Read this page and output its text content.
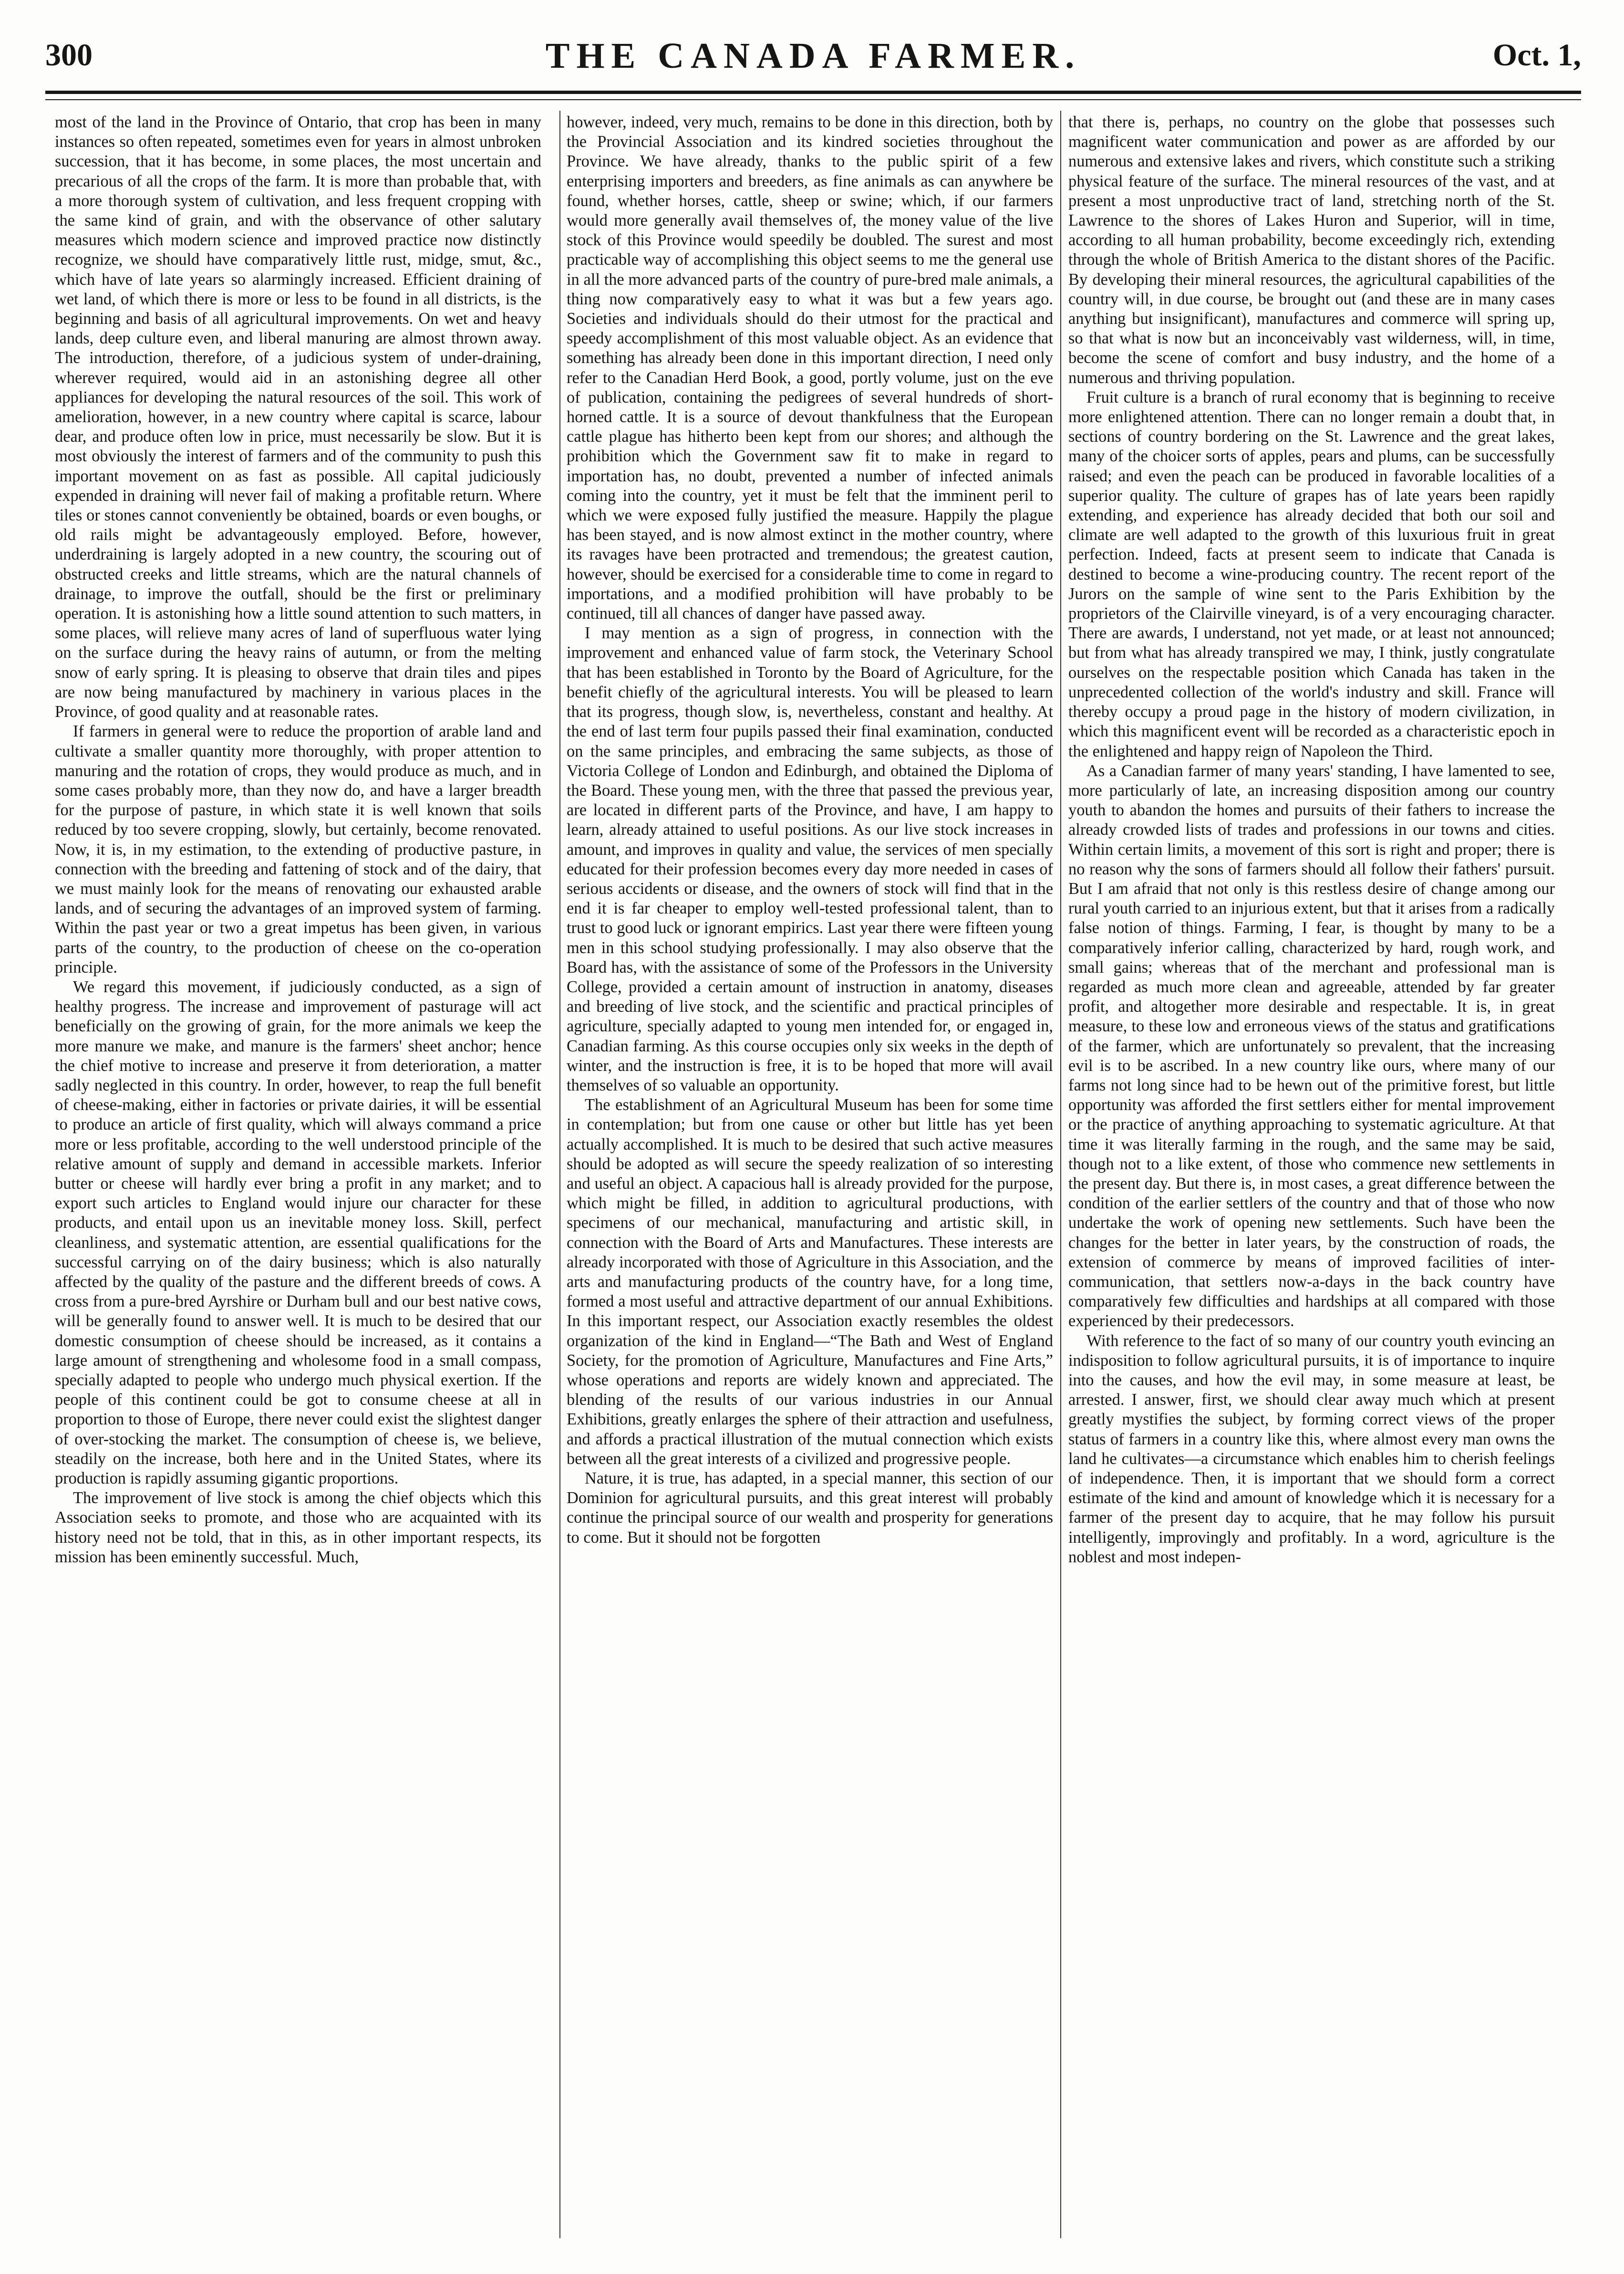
300	THE CANADA FARMER.	Oct. 1,

most of the land in the Province of Ontario, that crop has been in many instances so often repeated, sometimes even for years in almost unbroken succession, that it has become, in some places, the most uncertain and precarious of all the crops of the farm. It is more than probable that, with a more thorough system of cultivation, and less frequent cropping with the same kind of grain, and with the observance of other salutary measures which modern science and improved practice now distinctly recognize, we should have comparatively little rust, midge, smut, &c., which have of late years so alarmingly increased. Efficient draining of wet land, of which there is more or less to be found in all districts, is the beginning and basis of all agricultural improvements. On wet and heavy lands, deep culture even, and liberal manuring are almost thrown away. The introduction, therefore, of a judicious system of under-draining, wherever required, would aid in an astonishing degree all other appliances for developing the natural resources of the soil. This work of amelioration, however, in a new country where capital is scarce, labour dear, and produce often low in price, must necessarily be slow. But it is most obviously the interest of farmers and of the community to push this important movement on as fast as possible. All capital judiciously expended in draining will never fail of making a profitable return. Where tiles or stones cannot conveniently be obtained, boards or even boughs, or old rails might be advantageously employed. Before, however, underdraining is largely adopted in a new country, the scouring out of obstructed creeks and little streams, which are the natural channels of drainage, to improve the outfall, should be the first or preliminary operation. It is astonishing how a little sound attention to such matters, in some places, will relieve many acres of land of superfluous water lying on the surface during the heavy rains of autumn, or from the melting snow of early spring. It is pleasing to observe that drain tiles and pipes are now being manufactured by machinery in various places in the Province, of good quality and at reasonable rates.

If farmers in general were to reduce the proportion of arable land and cultivate a smaller quantity more thoroughly, with proper attention to manuring and the rotation of crops, they would produce as much, and in some cases probably more, than they now do, and have a larger breadth for the purpose of pasture, in which state it is well known that soils reduced by too severe cropping, slowly, but certainly, become renovated. Now, it is, in my estimation, to the extending of productive pasture, in connection with the breeding and fattening of stock and of the dairy, that we must mainly look for the means of renovating our exhausted arable lands, and of securing the advantages of an improved system of farming. Within the past year or two a great impetus has been given, in various parts of the country, to the production of cheese on the co-operation principle.

We regard this movement, if judiciously conducted, as a sign of healthy progress. The increase and improvement of pasturage will act beneficially on the growing of grain, for the more animals we keep the more manure we make, and manure is the farmers' sheet anchor; hence the chief motive to increase and preserve it from deterioration, a matter sadly neglected in this country. In order, however, to reap the full benefit of cheese-making, either in factories or private dairies, it will be essential to produce an article of first quality, which will always command a price more or less profitable, according to the well understood principle of the relative amount of supply and demand in accessible markets. Inferior butter or cheese will hardly ever bring a profit in any market; and to export such articles to England would injure our character for these products, and entail upon us an inevitable money loss. Skill, perfect cleanliness, and systematic attention, are essential qualifications for the successful carrying on of the dairy business; which is also naturally affected by the quality of the pasture and the different breeds of cows. A cross from a pure-bred Ayrshire or Durham bull and our best native cows, will be generally found to answer well. It is much to be desired that our domestic consumption of cheese should be increased, as it contains a large amount of strengthening and wholesome food in a small compass, specially adapted to people who undergo much physical exertion. If the people of this continent could be got to consume cheese at all in proportion to those of Europe, there never could exist the slightest danger of over-stocking the market. The consumption of cheese is, we believe, steadily on the increase, both here and in the United States, where its production is rapidly assuming gigantic proportions.

The improvement of live stock is among the chief objects which this Association seeks to promote, and those who are acquainted with its history need not be told, that in this, as in other important respects, its mission has been eminently successful. Much,

however, indeed, very much, remains to be done in this direction, both by the Provincial Association and its kindred societies throughout the Province. We have already, thanks to the public spirit of a few enterprising importers and breeders, as fine animals as can anywhere be found, whether horses, cattle, sheep or swine; which, if our farmers would more generally avail themselves of, the money value of the live stock of this Province would speedily be doubled. The surest and most practicable way of accomplishing this object seems to me the general use in all the more advanced parts of the country of pure-bred male animals, a thing now comparatively easy to what it was but a few years ago. Societies and individuals should do their utmost for the practical and speedy accomplishment of this most valuable object. As an evidence that something has already been done in this important direction, I need only refer to the Canadian Herd Book, a good, portly volume, just on the eve of publication, containing the pedigrees of several hundreds of short-horned cattle. It is a source of devout thankfulness that the European cattle plague has hitherto been kept from our shores; and although the prohibition which the Government saw fit to make in regard to importation has, no doubt, prevented a number of infected animals coming into the country, yet it must be felt that the imminent peril to which we were exposed fully justified the measure. Happily the plague has been stayed, and is now almost extinct in the mother country, where its ravages have been protracted and tremendous; the greatest caution, however, should be exercised for a considerable time to come in regard to importations, and a modified prohibition will have probably to be continued, till all chances of danger have passed away.

I may mention as a sign of progress, in connection with the improvement and enhanced value of farm stock, the Veterinary School that has been established in Toronto by the Board of Agriculture, for the benefit chiefly of the agricultural interests. You will be pleased to learn that its progress, though slow, is, nevertheless, constant and healthy. At the end of last term four pupils passed their final examination, conducted on the same principles, and embracing the same subjects, as those of Victoria College of London and Edinburgh, and obtained the Diploma of the Board. These young men, with the three that passed the previous year, are located in different parts of the Province, and have, I am happy to learn, already attained to useful positions. As our live stock increases in amount, and improves in quality and value, the services of men specially educated for their profession becomes every day more needed in cases of serious accidents or disease, and the owners of stock will find that in the end it is far cheaper to employ well-tested professional talent, than to trust to good luck or ignorant empirics. Last year there were fifteen young men in this school studying professionally. I may also observe that the Board has, with the assistance of some of the Professors in the University College, provided a certain amount of instruction in anatomy, diseases and breeding of live stock, and the scientific and practical principles of agriculture, specially adapted to young men intended for, or engaged in, Canadian farming. As this course occupies only six weeks in the depth of winter, and the instruction is free, it is to be hoped that more will avail themselves of so valuable an opportunity.

The establishment of an Agricultural Museum has been for some time in contemplation; but from one cause or other but little has yet been actually accomplished. It is much to be desired that such active measures should be adopted as will secure the speedy realization of so interesting and useful an object. A capacious hall is already provided for the purpose, which might be filled, in addition to agricultural productions, with specimens of our mechanical, manufacturing and artistic skill, in connection with the Board of Arts and Manufactures. These interests are already incorporated with those of Agriculture in this Association, and the arts and manufacturing products of the country have, for a long time, formed a most useful and attractive department of our annual Exhibitions. In this important respect, our Association exactly resembles the oldest organization of the kind in England—“The Bath and West of England Society, for the promotion of Agriculture, Manufactures and Fine Arts,” whose operations and reports are widely known and appreciated. The blending of the results of our various industries in our Annual Exhibitions, greatly enlarges the sphere of their attraction and usefulness, and affords a practical illustration of the mutual connection which exists between all the great interests of a civilized and progressive people.

Nature, it is true, has adapted, in a special manner, this section of our Dominion for agricultural pursuits, and this great interest will probably continue the principal source of our wealth and prosperity for generations to come. But it should not be forgotten

that there is, perhaps, no country on the globe that possesses such magnificent water communication and power as are afforded by our numerous and extensive lakes and rivers, which constitute such a striking physical feature of the surface. The mineral resources of the vast, and at present a most unproductive tract of land, stretching north of the St. Lawrence to the shores of Lakes Huron and Superior, will in time, according to all human probability, become exceedingly rich, extending through the whole of British America to the distant shores of the Pacific. By developing their mineral resources, the agricultural capabilities of the country will, in due course, be brought out (and these are in many cases anything but insignificant), manufactures and commerce will spring up, so that what is now but an inconceivably vast wilderness, will, in time, become the scene of comfort and busy industry, and the home of a numerous and thriving population.

Fruit culture is a branch of rural economy that is beginning to receive more enlightened attention. There can no longer remain a doubt that, in sections of country bordering on the St. Lawrence and the great lakes, many of the choicer sorts of apples, pears and plums, can be successfully raised; and even the peach can be produced in favorable localities of a superior quality. The culture of grapes has of late years been rapidly extending, and experience has already decided that both our soil and climate are well adapted to the growth of this luxurious fruit in great perfection. Indeed, facts at present seem to indicate that Canada is destined to become a wine-producing country. The recent report of the Jurors on the sample of wine sent to the Paris Exhibition by the proprietors of the Clairville vineyard, is of a very encouraging character. There are awards, I understand, not yet made, or at least not announced; but from what has already transpired we may, I think, justly congratulate ourselves on the respectable position which Canada has taken in the unprecedented collection of the world's industry and skill. France will thereby occupy a proud page in the history of modern civilization, in which this magnificent event will be recorded as a characteristic epoch in the enlightened and happy reign of Napoleon the Third.

As a Canadian farmer of many years' standing, I have lamented to see, more particularly of late, an increasing disposition among our country youth to abandon the homes and pursuits of their fathers to increase the already crowded lists of trades and professions in our towns and cities. Within certain limits, a movement of this sort is right and proper; there is no reason why the sons of farmers should all follow their fathers' pursuit. But I am afraid that not only is this restless desire of change among our rural youth carried to an injurious extent, but that it arises from a radically false notion of things. Farming, I fear, is thought by many to be a comparatively inferior calling, characterized by hard, rough work, and small gains; whereas that of the merchant and professional man is regarded as much more clean and agreeable, attended by far greater profit, and altogether more desirable and respectable. It is, in great measure, to these low and erroneous views of the status and gratifications of the farmer, which are unfortunately so prevalent, that the increasing evil is to be ascribed. In a new country like ours, where many of our farms not long since had to be hewn out of the primitive forest, but little opportunity was afforded the first settlers either for mental improvement or the practice of anything approaching to systematic agriculture. At that time it was literally farming in the rough, and the same may be said, though not to a like extent, of those who commence new settlements in the present day. But there is, in most cases, a great difference between the condition of the earlier settlers of the country and that of those who now undertake the work of opening new settlements. Such have been the changes for the better in later years, by the construction of roads, the extension of commerce by means of improved facilities of inter-communication, that settlers now-a-days in the back country have comparatively few difficulties and hardships at all compared with those experienced by their predecessors.

With reference to the fact of so many of our country youth evincing an indisposition to follow agricultural pursuits, it is of importance to inquire into the causes, and how the evil may, in some measure at least, be arrested. I answer, first, we should clear away much which at present greatly mystifies the subject, by forming correct views of the proper status of farmers in a country like this, where almost every man owns the land he cultivates—a circumstance which enables him to cherish feelings of independence. Then, it is important that we should form a correct estimate of the kind and amount of knowledge which it is necessary for a farmer of the present day to acquire, that he may follow his pursuit intelligently, improvingly and profitably. In a word, agriculture is the noblest and most indepen-
